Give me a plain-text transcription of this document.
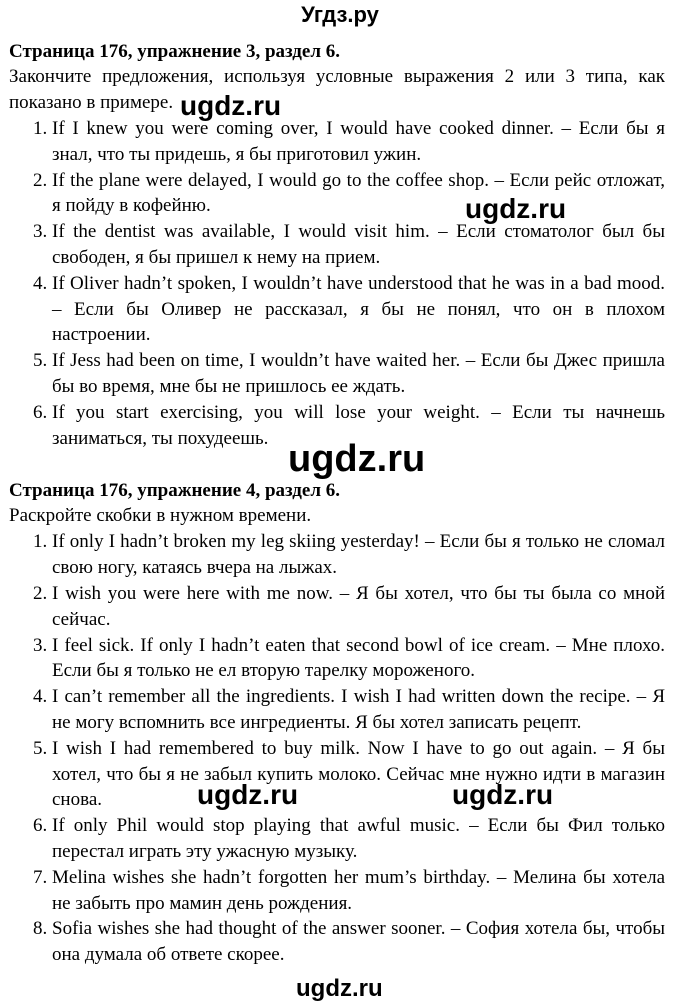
Угдз.ру
Страница 176, упражнение 3, раздел 6.

Закончите предложения, используя условные выражения 2 или 3 типа, как показано в примере.

1. If I knew you were coming over, I would have cooked dinner. – Если бы я знал, что ты придешь, я бы приготовил ужин.
2. If the plane were delayed, I would go to the coffee shop. – Если рейс отложат, я пойду в кофейню.
3. If the dentist was available, I would visit him. – Если стоматолог был бы свободен, я бы пришел к нему на прием.
4. If Oliver hadn’t spoken, I wouldn’t have understood that he was in a bad mood. – Если бы Оливер не рассказал, я бы не понял, что он в плохом настроении.
5. If Jess had been on time, I wouldn’t have waited her. – Если бы Джес пришла бы во время, мне бы не пришлось ее ждать.
6. If you start exercising, you will lose your weight. – Если ты начнешь заниматься, ты похудеешь.
Страница 176, упражнение 4, раздел 6.

Раскройте скобки в нужном времени.

1. If only I hadn’t broken my leg skiing yesterday! – Если бы я только не сломал свою ногу, катаясь вчера на лыжах.
2. I wish you were here with me now. – Я бы хотел, что бы ты была со мной сейчас.
3. I feel sick. If only I hadn’t eaten that second bowl of ice cream. – Мне плохо. Если бы я только не ел вторую тарелку мороженого.
4. I can’t remember all the ingredients. I wish I had written down the recipe. – Я не могу вспомнить все ингредиенты. Я бы хотел записать рецепт.
5. I wish I had remembered to buy milk. Now I have to go out again. – Я бы хотел, что бы я не забыл купить молоко. Сейчас мне нужно идти в магазин снова.
6. If only Phil would stop playing that awful music. – Если бы Фил только перестал играть эту ужасную музыку.
7. Melina wishes she hadn’t forgotten her mum’s birthday. – Мелина бы хотела не забыть про мамин день рождения.
8. Sofia wishes she had thought of the answer sooner. – София хотела бы, чтобы она думала об ответе скорее.
ugdz.ru
ugdz.ru
ugdz.ru
ugdz.ru	ugdz.ru
ugdz.ru
